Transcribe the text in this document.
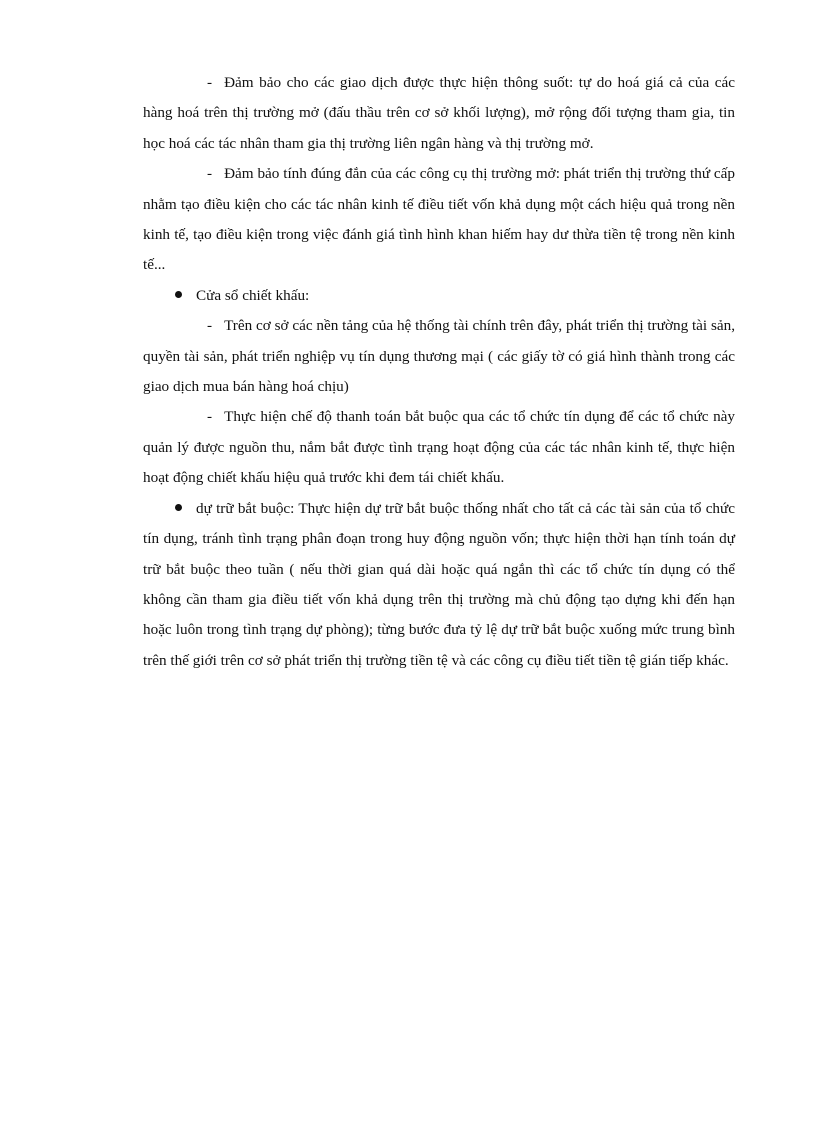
- Đảm bảo cho các giao dịch được thực hiện thông suốt: tự do hoá giá cả của các hàng hoá trên thị trường mở (đấu thầu trên cơ sở khối lượng), mở rộng đối tượng tham gia, tin học hoá các tác nhân tham gia thị trường liên ngân hàng và thị trường mở.

- Đảm bảo tính đúng đắn của các công cụ thị trường mở: phát triển thị trường thứ cấp nhằm tạo điều kiện cho các tác nhân kinh tế điều tiết vốn khả dụng một cách hiệu quả trong nền kinh tế, tạo điều kiện trong việc đánh giá tình hình khan hiếm hay dư thừa tiền tệ trong nền kinh tế...

Cửa sổ chiết khấu:

- Trên cơ sở các nền tảng của hệ thống tài chính trên đây, phát triển thị trường tài sản, quyền tài sản, phát triển nghiệp vụ tín dụng thương mại ( các giấy tờ có giá hình thành trong các giao dịch mua bán hàng hoá chịu)

- Thực hiện chế độ thanh toán bắt buộc qua các tổ chức tín dụng để các tổ chức này quản lý được nguồn thu, nắm bắt được tình trạng hoạt động của các tác nhân kinh tế, thực hiện hoạt động chiết khấu hiệu quả trước khi đem tái chiết khấu.

dự trữ bắt buộc: Thực hiện dự trữ bắt buộc thống nhất cho tất cả các tài sản của tổ chức tín dụng, tránh tình trạng phân đoạn trong huy động nguồn vốn; thực hiện thời hạn tính toán dự trữ bắt buộc theo tuần ( nếu thời gian quá dài hoặc quá ngắn thì các tổ chức tín dụng có thể không cần tham gia điều tiết vốn khả dụng trên thị trường mà chủ động tạo dựng khi đến hạn hoặc luôn trong tình trạng dự phòng); từng bước đưa tỷ lệ dự trữ bắt buộc xuống mức trung bình trên thế giới trên cơ sở phát triển thị trường tiền tệ và các công cụ điều tiết tiền tệ gián tiếp khác.
